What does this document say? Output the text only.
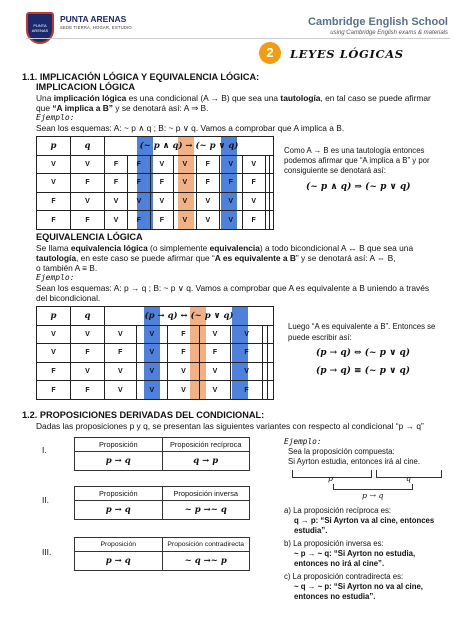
PUNTA ARENAS
PUNTA ARENAS
SEDE TIERRA, HOGAR, ESTUDIO	Cambridge English School
using Cambridge English exams & materials
2	LEYES LÓGICAS
1.1. IMPLICACIÓN LÓGICA Y EQUIVALENCIA LÓGICA:
IMPLICACION LÓGICA
Una implicación lógica es una condicional (A → B) que sea una tautología, en tal caso se puede afirmar
que “A implica a B” y se denotará así: A ⇒ B.
Ejemplo:
Sean los esquemas: A: ~ p ∧ q ; B: ~ p ∨ q. Vamos a comprobar que A implica a B.
p	q	(~ p ∧ q) → (~ p ∨ q)								
V	V	F	F	V	V	F	V	V		
V	F	F	F	F	V	F	F	F		
F	V	V	V	V	V	V	V	V		
F	F	V	F	F	V	V	V	F		
Como A → B es una tautología entonces
podemos afirmar que “A implica a B” y por
consiguiente se denotará así:
(~ p ∧ q) ⇒ (~ p ∨ q)
EQUIVALENCIA LÓGICA
Se llama equivalencia lógica (o simplemente equivalencia) a todo bicondicional A ↔ B que sea una
tautología, en este caso se puede afirmar que “A es equivalente a B” y se denotará así: A ⇔ B,
o también A ≡ B.
Ejemplo:
Sean los esquemas: A: p → q ; B: ~ p ∨ q. Vamos a comprobar que A es equivalente a B uniendo a través
del bicondicional.
p	q	(p → q) ↔ (~ p ∨ q)						
V	V	V	V	F	V	V		
V	F	F	V	F	F	F		
F	V	V	V	V	V	V		
F	F	V	V	V	V	F		
Luego “A es equivalente a B”. Entonces se
puede escribir así:
(p → q) ⇔ (~ p ∨ q)
(p → q) ≡ (~ p ∨ q)
1.2. PROPOSICIONES DERIVADAS DEL CONDICIONAL:
Dadas las proposiciones p y q, se presentan las siguientes variantes con respecto al condicional “p → q”
I.
Proposición	Proposición recíproca
p → q	q → p
II.
Proposición	Proposición inversa
p → q	~ p →~ q
III.
Proposición	Proposición contradirecta
p → q	~ q →~ p
Ejemplo:
Sea la proposición compuesta:
Si Ayrton estudia, entonces irá al cine.
p	q
p → q
a) La proposición recíproca es:
q → p: “Si Ayrton va al cine, entonces
estudia”.
b) La proposición inversa es:
~ p → ~ q: “Si Ayrton no estudia,
entonces no irá al cine”.
c) La proposición contradirecta es:
~ q → ~ p: “Si Ayrton no va al cine,
entonces no estudia”.
